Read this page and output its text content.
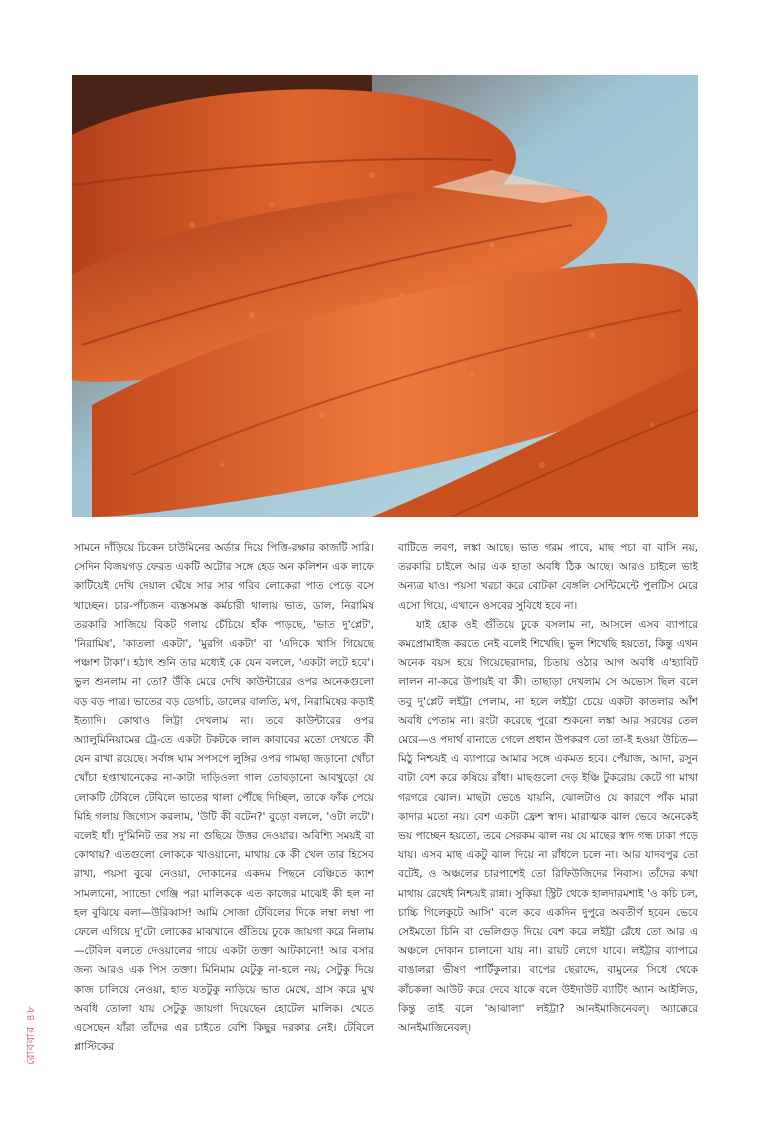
সামনে দাঁড়িয়ে চিকেন চাউমিনের অর্ডার দিয়ে পিত্তি-রক্ষার কাজটি সারি। সেদিন বিজয়গড় ফেরত একটি অটোর সঙ্গে হেড অন কলিশন এক লাফে কাটিয়েই দেখি দেয়াল ঘেঁষে সার সার গরিব লোকেরা পাত পেড়ে বসে খাচ্ছেন। চার-পাঁচজন ব্যস্তসমস্ত কর্মচারী থালায় ভাত, ডাল, নিরামিষ তরকারি সাজিয়ে বিকট গলায় চেঁচিয়ে হাঁক পাড়ছে, 'ভাত দু'প্লেট', 'নিরামিষ', 'কাতলা একটা', 'মুরগি একটা' বা 'এদিকে খাসি গিয়েছে পঞ্চাশ টাকা'। হঠাৎ শুনি তার মধ্যেই কে যেন বললে, 'একটা লটে হবে'। ভুল শুনলাম না তো? উঁকি মেরে দেখি কাউন্টারের ওপর অনেকগুলো বড় বড় পাত্র। ভাতের বড় ডেগচি, ডালের বালতি, মগ, নিরামিষের কড়াই ইত্যাদি। কোথাও লিট্টা দেখলাম না। তবে কাউন্টারের ওপর অ্যালুমিনিয়ামের ট্রে-তে একটা টকটকে লাল কাবাবের মতো দেখতে কী যেন রাখা রয়েছে। সর্বাঙ্গ ঘাম সপসপে লুঙ্গির ওপর গামছা জড়ানো খোঁচা খোঁচা হপ্তাখানেকের না-কাটা দাড়িওলা গাল তোবড়ানো আবখুড়ো যে লোকটি টেবিলে টেবিলে ভাতের থালা পৌঁছে দিচ্ছিল, তাকে ফাঁক পেয়ে মিহি গলায় জিগ্যেস করলাম, 'উটি কী বটেন?' বুড়ো বললে, 'ওটা লটে'। বলেই ধাঁ। দু'মিনিট তর সয় না গুছিয়ে উত্তর দেওয়ার। অবিশ্যি সময়ই বা কোথায়? এতগুলো লোককে খাওয়ানো, মাথায় কে কী খেল তার হিসেব রাখা, পয়সা বুঝে নেওয়া, দোকানের একদম পিছনে বেঞ্চিতে ক্যাশ সামলানো, স্যান্ডো গেঞ্জি পরা মালিককে এত কাজের মাঝেই কী হল না হল বুঝিয়ে বলা—উরিব্বাস! আমি সোজা টেবিলের দিকে লম্বা লম্বা পা ফেলে এগিয়ে দু'টো লোকের মাঝখানে গুঁতিয়ে ঢুকে জায়গা করে নিলাম—টেবিল বলতে দেওয়ালের গায়ে একটা তক্তা আটকানো! আর বসার জন্য আরও এক পিস তক্তা। মিনিমাম যেটুকু না-হলে নয়, সেটুকু দিয়ে কাজ চালিয়ে নেওয়া, হাত যতটুকু নাড়িয়ে ভাত মেখে, গ্রাস করে মুখ অবধি তোলা যায় সেটুকু জায়গা দিয়েছেন হোটেল মালিক। খেতে এসেছেন যাঁরা তাঁদের এর চাইতে বেশি কিছুর দরকার নেই। টেবিলে প্লাস্টিকের

বাটিতে লবণ, লঙ্কা আছে। ভাত গরম পাবে, মাছ পচা বা বাসি নয়, তরকারি চাইলে আর এক হাতা অবধি ঠিক আছে। আরও চাইলে ভাই অন্যত্র যাও। পয়সা খরচা করে বোটকা বেঙ্গলি সেন্টিমেন্টে পুলটিস মেরে এসো গিয়ে, এখানে ওসবের সুবিধে হবে না।

যাই হোক ওই গুঁতিয়ে ঢুকে বসলাম না, আসলে এসব ব্যাপারে কমপ্রোমাইজ করতে নেই বলেই শিখেছি। ভুল শিখেছি হয়তো, কিন্তু এখন অনেক বয়স হয়ে গিয়েছেরাদার, চিতায় ওঠার আগ অবধি এ'হ্যাবিট লালন না-করে উপায়ই বা কী। তাছাড়া দেখলাম সে অভ্যেস ছিল বলে তবু দু'প্লেট লইট্টা পেলাম, না হলে লইট্টা চেয়ে একটা কাতলার আঁশ অবধি পেতাম না। রংটা করেছে পুরো শুকনো লঙ্কা আর সরষের তেল মেরে—ও পদার্থ বানাতে গেলে প্রধান উপকরণ তো তা-ই হওয়া উচিত—মিঠু নিশ্চয়ই এ ব্যাপারে আমার সঙ্গে একমত হবে। পেঁয়াজ, আদা, রসুন বাটা বেশ করে কষিয়ে রাঁধা। মাছগুলো দেড় ইঞ্চি টুকরোয় কেটে গা মাখা গরগরে ঝোল। মাছটা ভেঙে যায়নি, ঝোলটাও যে কারণে পাঁক মারা কাদার মতো নয়। বেশ একটা ফ্রেশ স্বাদ। মারাত্মক ঝাল ভেবে অনেকেই ভয় পাচ্ছেন হয়তো, তবে সেরকম ঝাল নয় যে মাছের স্বাদ গন্ধ ঢাকা পড়ে যায়। এসব মাছ একটু ঝাল দিয়ে না রাঁধলে চলে না। আর যাদবপুর তো বটেই, ও অঞ্চলের চারপাশেই তো রিফিউজিদের নিবাস। তাঁদের কথা মাথায় রেখেই নিশ্চয়ই রান্না। সুকিয়া স্ট্রিট থেকে হালদারমশাই 'ও কচি চল, চাচ্চি গিলেকুটে আসি' বলে কবে একদিন দুপুরে অবতীর্ণ হবেন ভেবে সেইমতো চিনি বা ভেলিগুড় দিয়ে বেশ করে লইট্টা রেঁধে তো আর এ অঞ্চলে দোকান চালানো যায় না। রায়ট লেগে যাবে। লইট্টার ব্যাপারে বাঙালরা ভীষণ পার্টিকুলার। বাপের ছেরাদ্দে, বামুনের সিধে থেকে কাঁচকলা আউট করে দেবে যাকে বলে উইদাউট ব্যাটিং অ্যান আইলিড, কিন্তু তাই বলে 'আঝালা' লইট্টা? আনইমাজিনেবল্‌। অ্যাক্কেরে আনইমাজিনেবল্‌।

রোববার ৪৮
